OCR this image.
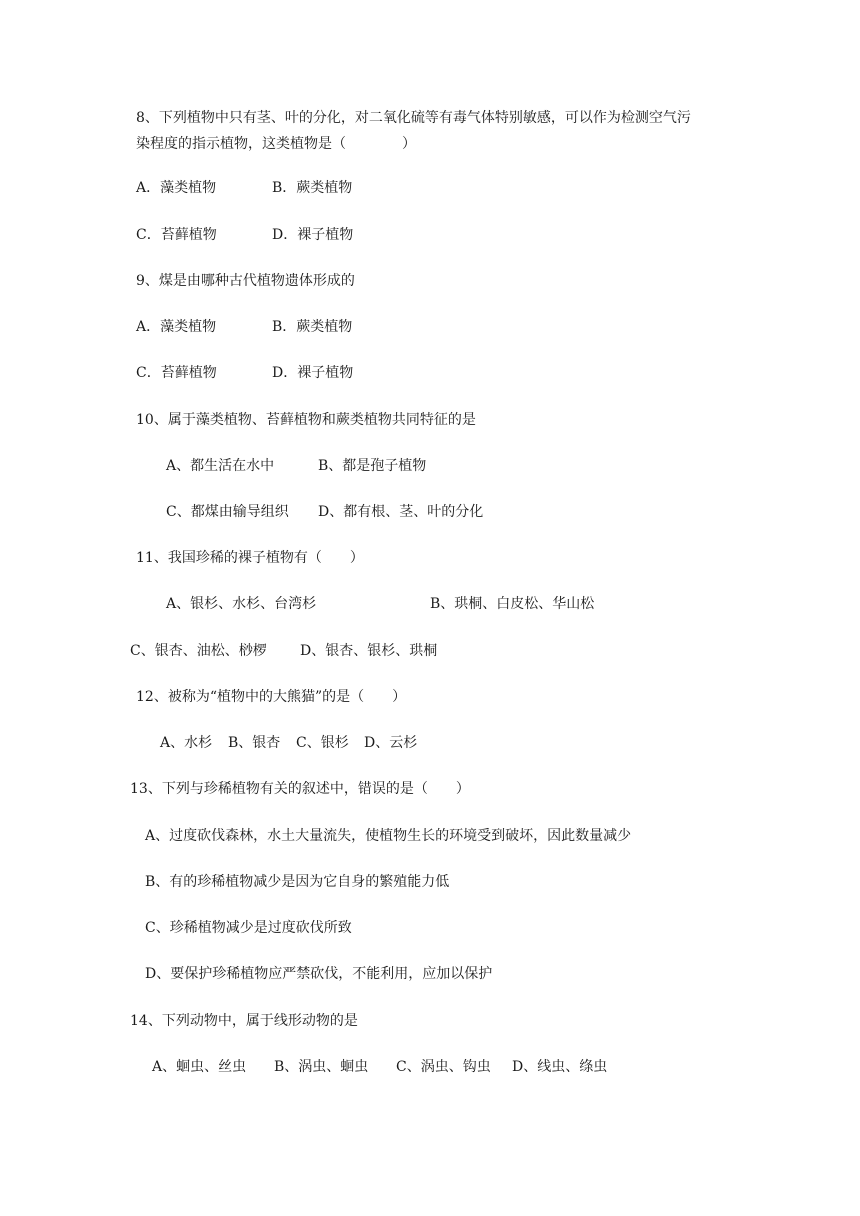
8、下列植物中只有茎、叶的分化，对二氧化硫等有毒气体特别敏感，可以作为检测空气污
染程度的指示植物，这类植物是（　　　　）
A．藻类植物	B．蕨类植物
C．苔藓植物	D．裸子植物
9、煤是由哪种古代植物遗体形成的
A．藻类植物	B．蕨类植物
C．苔藓植物	D．裸子植物
10、属于藻类植物、苔藓植物和蕨类植物共同特征的是
A、都生活在水中	B、都是孢子植物
C、都煤由输导组织 D、都有根、茎、叶的分化
11、我国珍稀的裸子植物有（　　）
A、银杉、水杉、台湾杉	B、珙桐、白皮松、华山松
C、银杏、油松、桫椤 D、银杏、银杉、珙桐
12、被称为“植物中的大熊猫”的是（　　）
A、水杉 B、银杏 C、银杉 D、云杉
13、下列与珍稀植物有关的叙述中，错误的是（　　）
A、过度砍伐森林，水土大量流失，使植物生长的环境受到破坏，因此数量减少
B、有的珍稀植物减少是因为它自身的繁殖能力低
C、珍稀植物减少是过度砍伐所致
D、要保护珍稀植物应严禁砍伐，不能利用，应加以保护
14、下列动物中，属于线形动物的是
A、蛔虫、丝虫 B、涡虫、蛔虫 C、涡虫、钩虫 D、线虫、绦虫
